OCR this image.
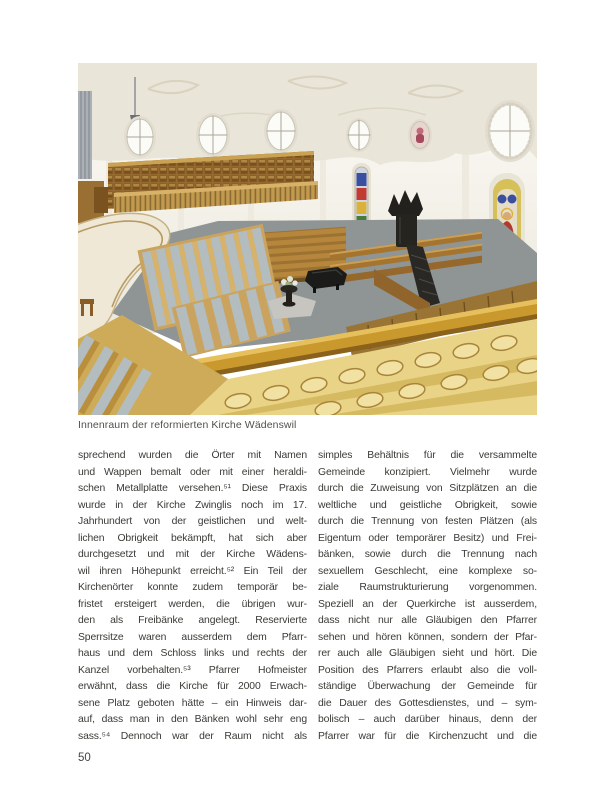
Innenraum der reformierten Kirche Wädenswil
sprechend wurden die Örter mit Namen
und Wappen bemalt oder mit einer heraldi-
schen Metallplatte versehen.⁵¹ Diese Praxis
wurde in der Kirche Zwinglis noch im 17.
Jahrhundert von der geistlichen und welt-
lichen Obrigkeit bekämpft, hat sich aber
durchgesetzt und mit der Kirche Wädens-
wil ihren Höhepunkt erreicht.⁵² Ein Teil der
Kirchenörter konnte zudem temporär be-
fristet ersteigert werden, die übrigen wur-
den als Freibänke angelegt. Reservierte
Sperrsitze waren ausserdem dem Pfarr-
haus und dem Schloss links und rechts der
Kanzel vorbehalten.⁵³ Pfarrer Hofmeister
erwähnt, dass die Kirche für 2000 Erwach-
sene Platz geboten hätte – ein Hinweis dar-
auf, dass man in den Bänken wohl sehr eng
sass.⁵⁴ Dennoch war der Raum nicht als
simples Behältnis für die versammelte
Gemeinde konzipiert. Vielmehr wurde
durch die Zuweisung von Sitzplätzen an die
weltliche und geistliche Obrigkeit, sowie
durch die Trennung von festen Plätzen (als
Eigentum oder temporärer Besitz) und Frei-
bänken, sowie durch die Trennung nach
sexuellem Geschlecht, eine komplexe so-
ziale Raumstrukturierung vorgenommen.
Speziell an der Querkirche ist ausserdem,
dass nicht nur alle Gläubigen den Pfarrer
sehen und hören können, sondern der Pfar-
rer auch alle Gläubigen sieht und hört. Die
Position des Pfarrers erlaubt also die voll-
ständige Überwachung der Gemeinde für
die Dauer des Gottesdienstes, und – sym-
bolisch – auch darüber hinaus, denn der
Pfarrer war für die Kirchenzucht und die
50
